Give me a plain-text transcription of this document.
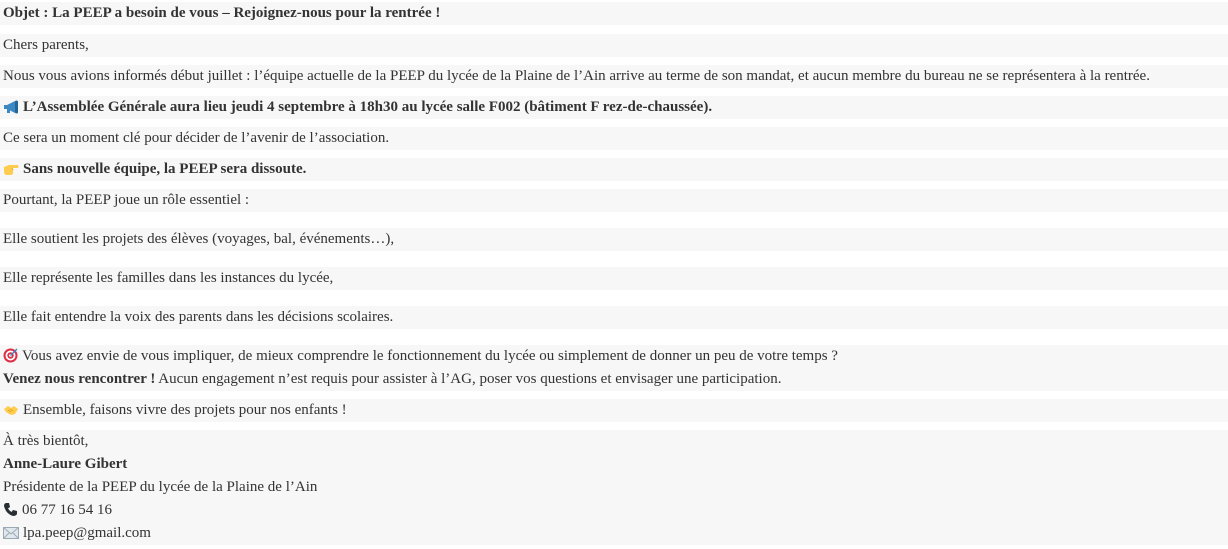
Objet : La PEEP a besoin de vous – Rejoignez-nous pour la rentrée !
Chers parents,
Nous vous avions informés début juillet : l’équipe actuelle de la PEEP du lycée de la Plaine de l’Ain arrive au terme de son mandat, et aucun membre du bureau ne se représentera à la rentrée.
L’Assemblée Générale aura lieu jeudi 4 septembre à 18h30 au lycée salle F002 (bâtiment F rez-de-chaussée).
Ce sera un moment clé pour décider de l’avenir de l’association.
Sans nouvelle équipe, la PEEP sera dissoute.
Pourtant, la PEEP joue un rôle essentiel :
Elle soutient les projets des élèves (voyages, bal, événements…),
Elle représente les familles dans les instances du lycée,
Elle fait entendre la voix des parents dans les décisions scolaires.
Vous avez envie de vous impliquer, de mieux comprendre le fonctionnement du lycée ou simplement de donner un peu de votre temps ?
Venez nous rencontrer ! Aucun engagement n’est requis pour assister à l’AG, poser vos questions et envisager une participation.
Ensemble, faisons vivre des projets pour nos enfants !
À très bientôt,
Anne-Laure Gibert
Présidente de la PEEP du lycée de la Plaine de l’Ain
06 77 16 54 16
lpa.peep@gmail.com
